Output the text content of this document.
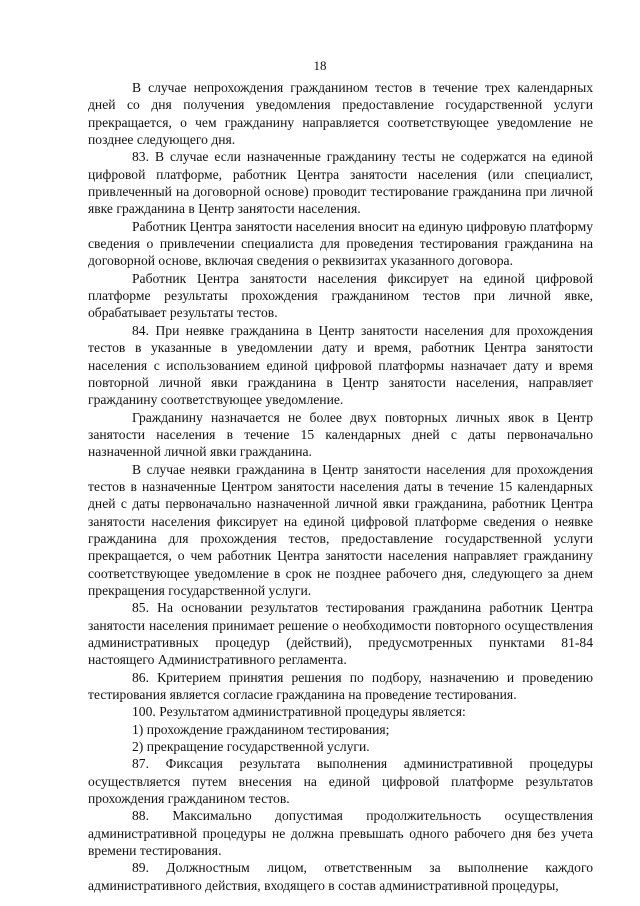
18

В случае непрохождения гражданином тестов в течение трех календарных дней со дня получения уведомления предоставление государственной услуги прекращается, о чем гражданину направляется соответствующее уведомление не позднее следующего дня.

83. В случае если назначенные гражданину тесты не содержатся на единой цифровой платформе, работник Центра занятости населения (или специалист, привлеченный на договорной основе) проводит тестирование гражданина при личной явке гражданина в Центр занятости населения.

Работник Центра занятости населения вносит на единую цифровую платформу сведения о привлечении специалиста для проведения тестирования гражданина на договорной основе, включая сведения о реквизитах указанного договора.

Работник Центра занятости населения фиксирует на единой цифровой платформе результаты прохождения гражданином тестов при личной явке, обрабатывает результаты тестов.

84. При неявке гражданина в Центр занятости населения для прохождения тестов в указанные в уведомлении дату и время, работник Центра занятости населения с использованием единой цифровой платформы назначает дату и время повторной личной явки гражданина в Центр занятости населения, направляет гражданину соответствующее уведомление.

Гражданину назначается не более двух повторных личных явок в Центр занятости населения в течение 15 календарных дней с даты первоначально назначенной личной явки гражданина.

В случае неявки гражданина в Центр занятости населения для прохождения тестов в назначенные Центром занятости населения даты в течение 15 календарных дней с даты первоначально назначенной личной явки гражданина, работник Центра занятости населения фиксирует на единой цифровой платформе сведения о неявке гражданина для прохождения тестов, предоставление государственной услуги прекращается, о чем работник Центра занятости населения направляет гражданину соответствующее уведомление в срок не позднее рабочего дня, следующего за днем прекращения государственной услуги.

85. На основании результатов тестирования гражданина работник Центра занятости населения принимает решение о необходимости повторного осуществления административных процедур (действий), предусмотренных пунктами 81-84 настоящего Административного регламента.

86. Критерием принятия решения по подбору, назначению и проведению тестирования является согласие гражданина на проведение тестирования.

100. Результатом административной процедуры является:

1) прохождение гражданином тестирования;

2) прекращение государственной услуги.

87. Фиксация результата выполнения административной процедуры осуществляется путем внесения на единой цифровой платформе результатов прохождения гражданином тестов.

88. Максимально допустимая продолжительность осуществления административной процедуры не должна превышать одного рабочего дня без учета времени тестирования.

89. Должностным лицом, ответственным за выполнение каждого административного действия, входящего в состав административной процедуры,
